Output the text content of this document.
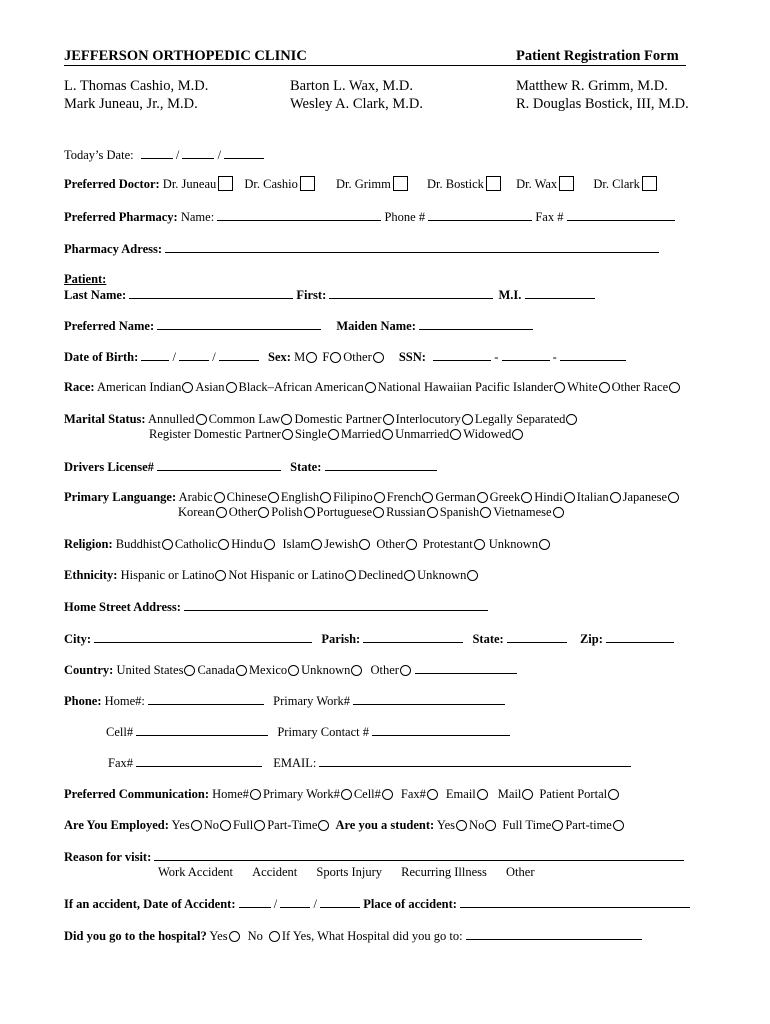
JEFFERSON ORTHOPEDIC CLINIC	Patient Registration Form
L. Thomas Cashio, M.D.
Mark Juneau, Jr., M.D.
Barton L. Wax, M.D.
Wesley A. Clark, M.D.
Matthew R. Grimm, M.D.
R. Douglas Bostick, III, M.D.
Today’s Date:	/	/
Preferred Doctor: Dr. Juneau Dr. Cashio	Dr. Grimm	Dr. Bostick	Dr. Wax	Dr. Clark
Preferred Pharmacy: Name:	Phone #	Fax #
Pharmacy Adress:
Patient:
Last Name:	First:	M.I.
Preferred Name:	Maiden Name:
Date of Birth:  /  /	Sex: M F Other SSN:	-	-
Race: American Indian Asian Black–African American National Hawaiian Pacific Islander White Other Race
Marital Status: Annulled Common Law Domestic Partner Interlocutory Legally Separated
Register Domestic Partner Single Married Unmarried Widowed
Drivers License#	State:
Primary Languange: Arabic Chinese English Filipino French German Greek Hindi Italian Japanese
Korean Other Polish Portuguese Russian Spanish Vietnamese
Religion: Buddhist Catholic Hindu Islam Jewish Other Protestant Unknown
Ethnicity: Hispanic or Latino Not Hispanic or Latino Declined Unknown
Home Street Address:
City:	Parish:	State:	Zip:
Country: United States Canada Mexico Unknown Other
Phone: Home#:	Primary Work#
Cell#	Primary Contact #
Fax#	EMAIL:
Preferred Communication: Home# Primary Work# Cell# Fax# Email Mail Patient Portal
Are You Employed: Yes No Full Part-Time Are you a student: Yes No Full Time Part-time
Reason for visit:
Work Accident Accident Sports Injury Recurring Illness Other
If an accident, Date of Accident:	/  /	Place of accident:
Did you go to the hospital? Yes No If Yes, What Hospital did you go to:
